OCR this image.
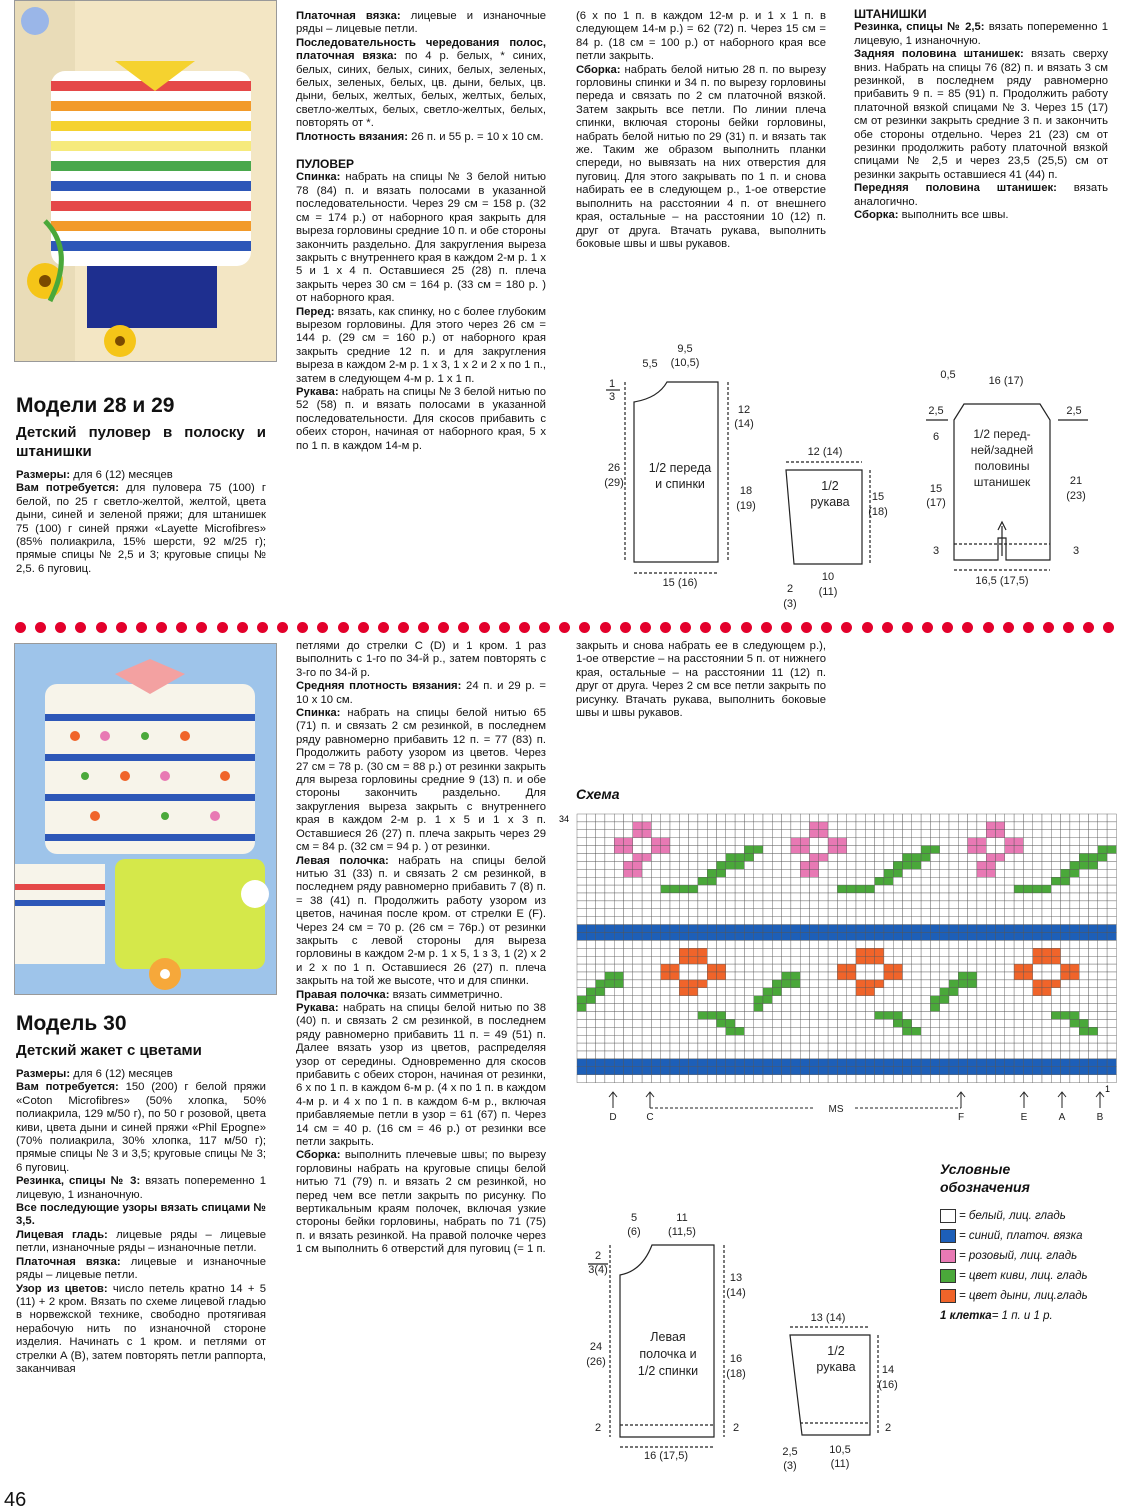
Модели 28 и 29
Детский пуловер в полоску и штанишки

Размеры: для 6 (12) месяцев

Вам потребуется: для пуловера 75 (100) г белой, по 25 г светло-желтой, желтой, цвета дыни, синей и зеленой пряжи; для штанишек 75 (100) г синей пряжи «Layette Microfibres» (85% полиакрила, 15% шерсти, 92 м/25 г); прямые спицы № 2,5 и 3; круговые спицы № 2,5. 6 пуговиц.

Платочная вязка: лицевые и изнаночные ряды – лицевые петли.

Последовательность чередования полос, платочная вязка: по 4 р. белых, * синих, белых, синих, белых, синих, белых, зеленых, белых, зеленых, белых, цв. дыни, белых, цв. дыни, белых, желтых, белых, желтых, белых, светло-желтых, белых, светло-желтых, белых, повторять от *.

Плотность вязания: 26 п. и 55 р. = 10 х 10 см.

ПУЛОВЕР

Спинка: набрать на спицы № 3 белой нитью 78 (84) п. и вязать полосами в указанной последовательности. Через 29 см = 158 р. (32 см = 174 р.) от наборного края закрыть для выреза горловины средние 10 п. и обе стороны закончить раздельно. Для закругления выреза закрыть с внутреннего края в каждом 2-м р. 1 х 5 и 1 х 4 п. Оставшиеся 25 (28) п. плеча закрыть через 30 см = 164 р. (33 см = 180 р. ) от наборного края.

Перед: вязать, как спинку, но с более глубоким вырезом горловины. Для этого через 26 см = 144 р. (29 см = 160 р.) от наборного края закрыть средние 12 п. и для закругления выреза в каждом 2-м р. 1 х 3, 1 х 2 и 2 х по 1 п., затем в следующем 4-м р. 1 х 1 п.

Рукава: набрать на спицы № 3 белой нитью по 52 (58) п. и вязать полосами в указанной последовательности. Для скосов прибавить с обеих сторон, начиная от наборного края, 5 х по 1 п. в каждом 14-м р.

(6 х по 1 п. в каждом 12-м р. и 1 х 1 п. в следующем 14-м р.) = 62 (72) п. Через 15 см = 84 р. (18 см = 100 р.) от наборного края все петли закрыть.

Сборка: набрать белой нитью 28 п. по вырезу горловины спинки и 34 п. по вырезу горловины переда и связать по 2 см платочной вязкой. Затем закрыть все петли. По линии плеча спинки, включая стороны бейки горловины, набрать белой нитью по 29 (31) п. и вязать так же. Таким же образом выполнить планки спереди, но вывязать на них отверстия для пуговиц. Для этого закрывать по 1 п. и снова набирать ее в следующем р., 1-ое отверстие выполнить на расстоянии 4 п. от внешнего края, остальные – на расстоянии 10 (12) п. друг от друга. Втачать рукава, выполнить боковые швы и швы рукавов.

ШТАНИШКИ

Резинка, спицы № 2,5: вязать попеременно 1 лицевую, 1 изнаночную.

Задняя половина штанишек: вязать сверху вниз. Набрать на спицы 76 (82) п. и вязать 3 см резинкой, в последнем ряду равномерно прибавить 9 п. = 85 (91) п. Продолжить работу платочной вязкой спицами № 3. Через 15 (17) см от резинки закрыть средние 3 п. и закончить обе стороны отдельно. Через 21 (23) см от резинки продолжить работу платочной вязкой спицами № 2,5 и через 23,5 (25,5) см от резинки закрыть оставшиеся 41 (44) п.

Передняя половина штанишек: вязать аналогично.

Сборка: выполнить все швы.

9,5
(10,5)
5,5
1
3
12
(14)
26
(29)
18
(19)
1/2 переда
и спинки
15 (16)
12 (14)
15
(18)
1/2
рукава
2
(3)
10
(11)
0,5	16 (17)
2,5	2,5
6
15
(17)
21
(23)
3	3
1/2 перед-
ней/задней
половины
штанишек
16,5 (17,5)
Модель 30
Детский жакет с цветами

Размеры: для 6 (12) месяцев

Вам потребуется: 150 (200) г белой пряжи «Coton Microfibres» (50% хлопка, 50% полиакрила, 129 м/50 г), по 50 г розовой, цвета киви, цвета дыни и синей пряжи «Phil Epogne» (70% полиакрила, 30% хлопка, 117 м/50 г); прямые спицы № 3 и 3,5; круговые спицы № 3; 6 пуговиц.

Резинка, спицы № 3: вязать попеременно 1 лицевую, 1 изнаночную.

Все последующие узоры вязать спицами № 3,5.

Лицевая гладь: лицевые ряды – лицевые петли, изнаночные ряды – изнаночные петли.

Платочная вязка: лицевые и изнаночные ряды – лицевые петли.

Узор из цветов: число петель кратно 14 + 5 (11) + 2 кром. Вязать по схеме лицевой гладью в норвежской технике, свободно протягивая нерабочую нить по изнаночной стороне изделия. Начинать с 1 кром. и петлями от стрелки А (В), затем повторять петли раппорта, заканчивая

петлями до стрелки С (D) и 1 кром. 1 раз выполнить с 1-го по 34-й р., затем повторять с 3-го по 34-й р.

Средняя плотность вязания: 24 п. и 29 р. = 10 х 10 см.

Спинка: набрать на спицы белой нитью 65 (71) п. и связать 2 см резинкой, в последнем ряду равномерно прибавить 12 п. = 77 (83) п. Продолжить работу узором из цветов. Через 27 см = 78 р. (30 см = 88 р.) от резинки закрыть для выреза горловины средние 9 (13) п. и обе стороны закончить раздельно. Для закругления выреза закрыть с внутреннего края в каждом 2-м р. 1 х 5 и 1 х 3 п. Оставшиеся 26 (27) п. плеча закрыть через 29 см = 84 р. (32 см = 94 р. ) от резинки.

Левая полочка: набрать на спицы белой нитью 31 (33) п. и связать 2 см резинкой, в последнем ряду равномерно прибавить 7 (8) п. = 38 (41) п. Продолжить работу узором из цветов, начиная после кром. от стрелки Е (F). Через 24 см = 70 р. (26 см = 76р.) от резинки закрыть с левой стороны для выреза горловины в каждом 2-м р. 1 х 5, 1 з 3, 1 (2) х 2 и 2 х по 1 п. Оставшиеся 26 (27) п. плеча закрыть на той же высоте, что и для спинки.

Правая полочка: вязать симметрично.

Рукава: набрать на спицы белой нитью по 38 (40) п. и связать 2 см резинкой, в последнем ряду равномерно прибавить 11 п. = 49 (51) п. Далее вязать узор из цветов, распределяя узор от середины. Одновременно для скосов прибавить с обеих сторон, начиная от резинки, 6 х по 1 п. в каждом 6-м р. (4 х по 1 п. в каждом 4-м р. и 4 х по 1 п. в каждом 6-м р., включая прибавляемые петли в узор = 61 (67) п. Через 14 см = 40 р. (16 см = 46 р.) от резинки все петли закрыть.

Сборка: выполнить плечевые швы; по вырезу горловины набрать на круговые спицы белой нитью 71 (79) п. и вязать 2 см резинкой, но перед чем все петли закрыть по рисунку. По вертикальным краям полочек, включая узкие стороны бейки горловины, набрать по 71 (75) п. и вязать резинкой. На правой полочке через 1 см выполнить 6 отверстий для пуговиц (= 1 п.

закрыть и снова набрать ее в следующем р.), 1-ое отверстие – на расстоянии 5 п. от нижнего края, остальные – на расстоянии 11 (12) п. друг от друга. Через 2 см все петли закрыть по рисунку. Втачать рукава, выполнить боковые швы и швы рукавов.

Схема
34
1
D	C
MS
F	E	A	B
Условные
обозначения
= белый, лиц. гладь
= синий, платоч. вязка
= розовый, лиц. гладь
= цвет киви, лиц. гладь
= цвет дыни, лиц.гладь
1 клетка = 1 п. и 1 р.
5
(6)
11
(11,5)
2
3(4)
13
(14)
24
(26)	16
(18)
2	2
Левая
полочка и
1/2 спинки
16 (17,5)
13 (14)
14
(16)
2
1/2
рукава
2,5
(3)
10,5
(11)
46
